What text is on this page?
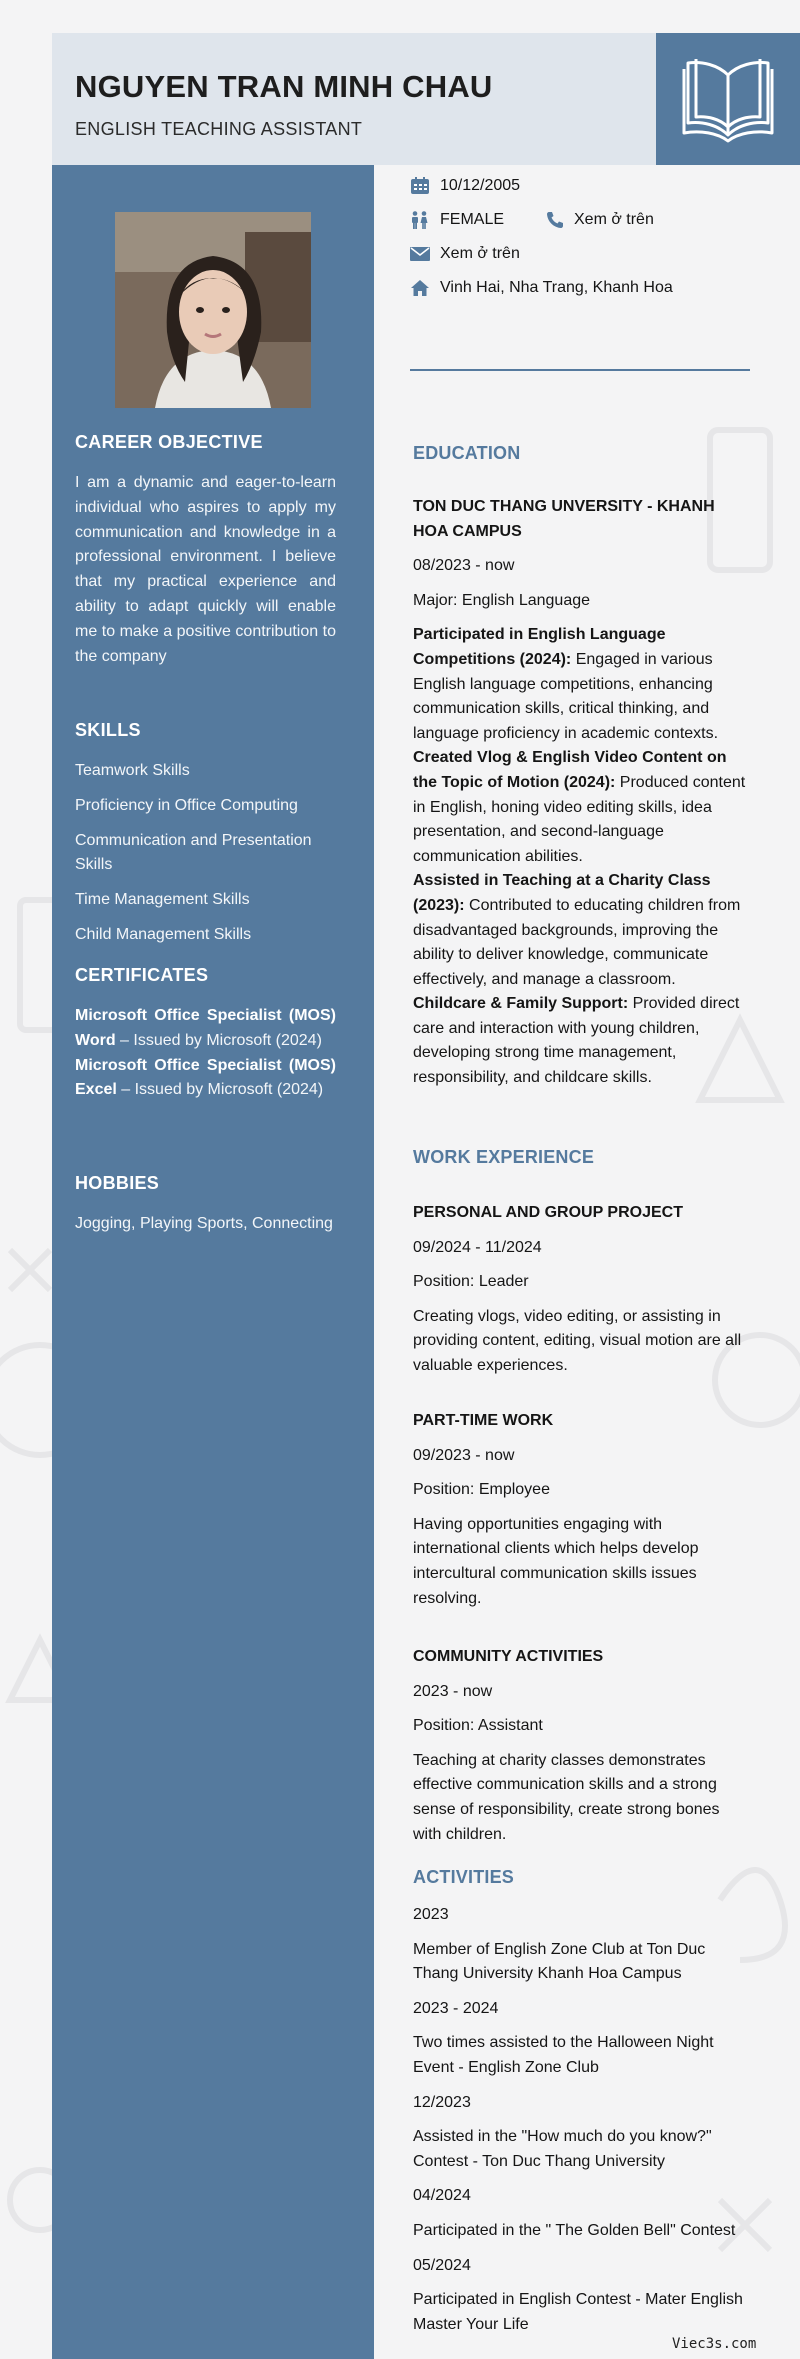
NGUYEN TRAN MINH CHAU
ENGLISH TEACHING ASSISTANT
CAREER OBJECTIVE
I am a dynamic and eager-to-learn individual who aspires to apply my communication and knowledge in a professional environment. I believe that my practical experience and ability to adapt quickly will enable me to make a positive contribution to the company
SKILLS
Teamwork Skills
Proficiency in Office Computing
Communication and Presentation Skills
Time Management Skills
Child Management Skills
CERTIFICATES
Microsoft Office Specialist (MOS) Word – Issued by Microsoft (2024)
Microsoft Office Specialist (MOS) Excel – Issued by Microsoft (2024)
HOBBIES
Jogging, Playing Sports, Connecting
10/12/2005
FEMALE	Xem ở trên
Xem ở trên
Vinh Hai, Nha Trang, Khanh Hoa
EDUCATION

TON DUC THANG UNVERSITY - KHANH HOA CAMPUS

08/2023 - now

Major: English Language

Participated in English Language Competitions (2024): Engaged in various English language competitions, enhancing communication skills, critical thinking, and language proficiency in academic contexts.
Created Vlog & English Video Content on the Topic of Motion (2024): Produced content in English, honing video editing skills, idea presentation, and second-language communication abilities.
Assisted in Teaching at a Charity Class (2023): Contributed to educating children from disadvantaged backgrounds, improving the ability to deliver knowledge, communicate effectively, and manage a classroom.
Childcare & Family Support: Provided direct care and interaction with young children, developing strong time management, responsibility, and childcare skills.
WORK EXPERIENCE

PERSONAL AND GROUP PROJECT

09/2024 - 11/2024

Position: Leader

Creating vlogs, video editing, or assisting in providing content, editing, visual motion are all valuable experiences.

PART-TIME WORK

09/2023 - now

Position: Employee

Having opportunities engaging with international clients which helps develop intercultural communication skills issues resolving.

COMMUNITY ACTIVITIES

2023 - now

Position: Assistant

Teaching at charity classes demonstrates effective communication skills and a strong sense of responsibility, create strong bones with children.

ACTIVITIES

2023

Member of English Zone Club at Ton Duc Thang University Khanh Hoa Campus

2023 - 2024

Two times assisted to the Halloween Night Event - English Zone Club

12/2023

Assisted in the "How much do you know?" Contest - Ton Duc Thang University

04/2024

Participated in the " The Golden Bell" Contest

05/2024

Participated in English Contest - Mater English Master Your Life

Viec3s.com
